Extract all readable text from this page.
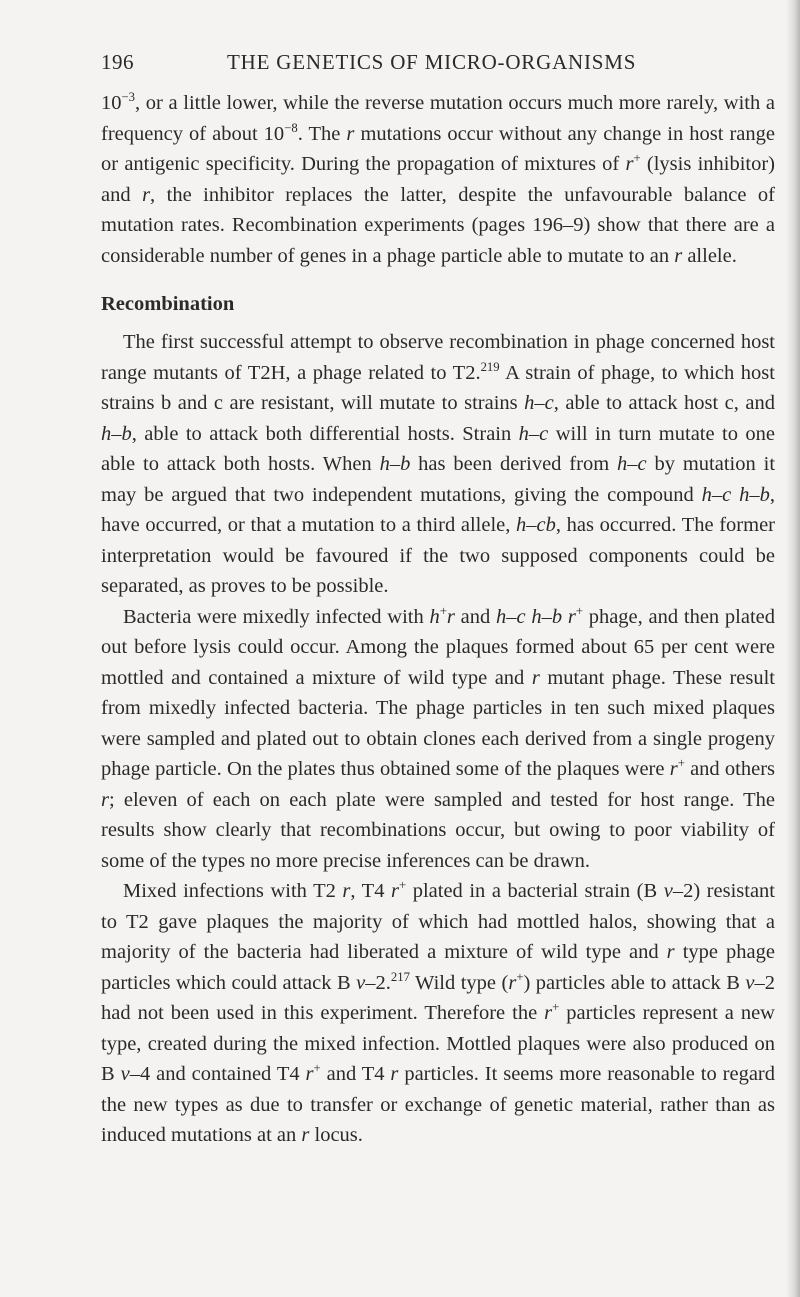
196	THE GENETICS OF MICRO-ORGANISMS

$10^{-3}$, or a little lower, while the reverse mutation occurs much more rarely, with a frequency of about $10^{-8}$. The r mutations occur without any change in host range or antigenic specificity. During the propagation of mixtures of r+ (lysis inhibitor) and r, the inhibitor replaces the latter, despite the unfavourable balance of mutation rates. Recombination experiments (pages 196–9) show that there are a considerable number of genes in a phage particle able to mutate to an r allele.

Recombination

The first successful attempt to observe recombination in phage concerned host range mutants of T2H, a phage related to T2.$^{219}$ A strain of phage, to which host strains b and c are resistant, will mutate to strains h–c, able to attack host c, and h–b, able to attack both differential hosts. Strain h–c will in turn mutate to one able to attack both hosts. When h–b has been derived from h–c by mutation it may be argued that two independent mutations, giving the compound h–c h–b, have occurred, or that a mutation to a third allele, h–cb, has occurred. The former interpretation would be favoured if the two supposed components could be separated, as proves to be possible.

Bacteria were mixedly infected with h+r and h–c h–b r+ phage, and then plated out before lysis could occur. Among the plaques formed about 65 per cent were mottled and contained a mixture of wild type and r mutant phage. These result from mixedly infected bacteria. The phage particles in ten such mixed plaques were sampled and plated out to obtain clones each derived from a single progeny phage particle. On the plates thus obtained some of the plaques were r+ and others r; eleven of each on each plate were sampled and tested for host range. The results show clearly that recombinations occur, but owing to poor viability of some of the types no more precise inferences can be drawn.

Mixed infections with T2 r, T4 r+ plated in a bacterial strain (B v–2) resistant to T2 gave plaques the majority of which had mottled halos, showing that a majority of the bacteria had liberated a mixture of wild type and r type phage particles which could attack B v–2.$^{217}$ Wild type (r+) particles able to attack B v–2 had not been used in this experiment. Therefore the r+ particles represent a new type, created during the mixed infection. Mottled plaques were also produced on B v–4 and contained T4 r+ and T4 r particles. It seems more reasonable to regard the new types as due to transfer or exchange of genetic material, rather than as induced mutations at an r locus.
